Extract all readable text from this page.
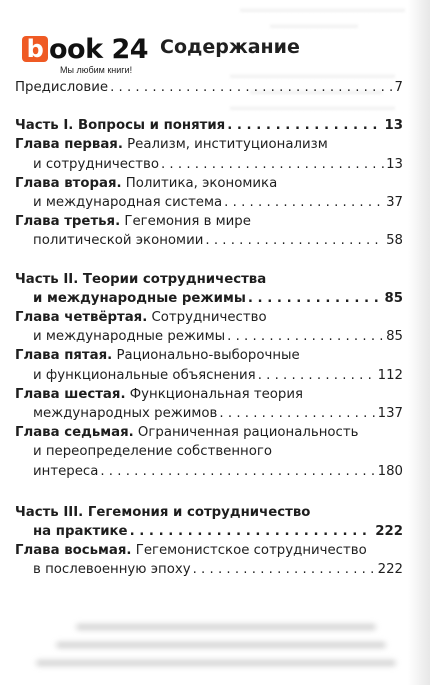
………………………………………
……………………
………………………………………
………………………………
………………………………………
b ook 24
Мы любим книги!
Содержание
Предисловие . . .	7
Часть I. Вопросы и понятия . . .	13
Глава первая. Реализм, институционализм
и сотрудничество . . .	13
Глава вторая. Политика, экономика
и международная система . . .	37
Глава третья. Гегемония в мире
политической экономии . . .	58
Часть II. Теории сотрудничества
и международные режимы . . .	85
Глава четвёртая. Сотрудничество
и международные режимы . . .	85
Глава пятая. Рационально-выборочные
и функциональные объяснения . . .	112
Глава шестая. Функциональная теория
международных режимов . . .	137
Глава седьмая. Ограниченная рациональность
и переопределение собственного
интереса . . .	180
Часть III. Гегемония и сотрудничество
на практике . . .	222
Глава восьмая. Гегемонистское сотрудничество
в послевоенную эпоху . . .	222
